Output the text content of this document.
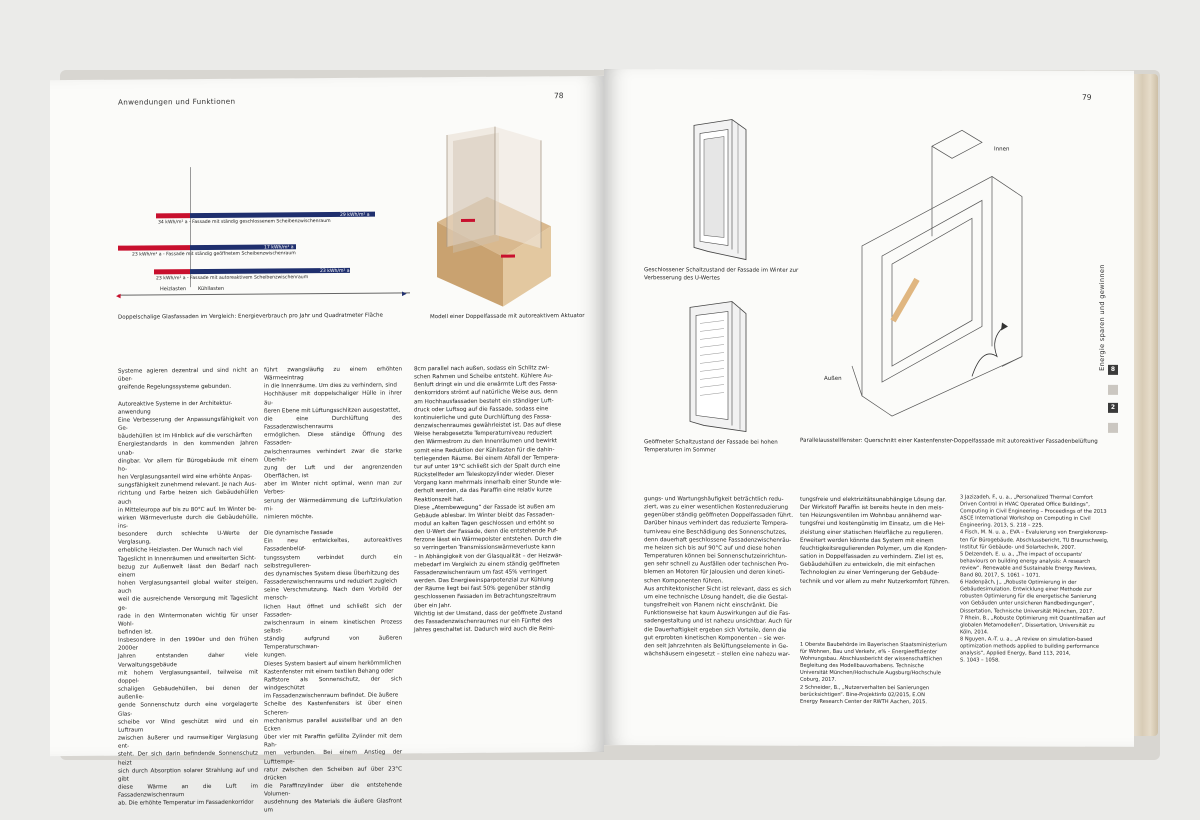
Anwendungen und Funktionen
78
◀	▶
29 kWh/m² a
34 kWh/m² a - Fassade mit ständig geschlossenem Scheibenzwischenraum
17 kWh/m² a
23 kWh/m² a - Fassade mit ständig geöffnetem Scheibenzwischenraum
23 kWh/m² a
23 kWh/m² a - Fassade mit autoreaktivem Scheibenzwischenraum
Heizlasten Kühllasten
Doppelschalige Glasfassaden im Vergleich: Energieverbrauch pro Jahr und Quadratmeter Fläche	Modell einer Doppelfassade mit autoreaktivem Aktuator
Systeme agieren dezentral und sind nicht an über-
greifende Regelungssysteme gebunden.

Autoreaktive Systeme in der Architektur-
anwendung
Eine Verbesserung der Anpassungsfähigkeit von Ge-
bäudehüllen ist im Hinblick auf die verschärften
Energiestandards in den kommenden Jahren unab-
dingbar. Vor allem für Bürogebäude mit einem ho-
hen Verglasungsanteil wird eine erhöhte Anpas-
sungsfähigkeit zunehmend relevant. Je nach Aus-
richtung und Farbe heizen sich Gebäudehüllen auch
in Mitteleuropa auf bis zu 80°C auf. Im Winter be-
wirken Wärmeverluste durch die Gebäudehülle, ins-
besondere durch schlechte U-Werte der Verglasung,
erhebliche Heizlasten. Der Wunsch nach viel
Tageslicht in Innenräumen und erweiterten Sicht-
bezug zur Außenwelt lässt den Bedarf nach einem
hohen Verglasungsanteil global weiter steigen, auch
weil die ausreichende Versorgung mit Tageslicht ge-
rade in den Wintermonaten wichtig für unser Wohl-
befinden ist.
Insbesondere in den 1990er und den frühen 2000er
Jahren entstanden daher viele Verwaltungsgebäude
mit hohem Verglasungsanteil, teilweise mit doppel-
schaligen Gebäudehüllen, bei denen der außenlie-
gende Sonnenschutz durch eine vorgelagerte Glas-
scheibe vor Wind geschützt wird und ein Luftraum
zwischen äußerer und raumseitiger Verglasung ent-
steht. Der sich darin befindende Sonnenschutz heizt
sich durch Absorption solarer Strahlung auf und gibt
diese Wärme an die Luft im Fassadenzwischenraum
ab. Die erhöhte Temperatur im Fassadenkorridor
führt zwangsläufig zu einem erhöhten Wärmeeintrag
in die Innenräume. Um dies zu verhindern, sind
Hochhäuser mit doppelschaliger Hülle in ihrer äu-
ßeren Ebene mit Lüftungsschlitzen ausgestattet,
die eine Durchlüftung des Fassadenzwischenraums
ermöglichen. Diese ständige Öffnung des Fassaden-
zwischenraumes verhindert zwar die starke Überhit-
zung der Luft und der angrenzenden Oberflächen, ist
aber im Winter nicht optimal, wenn man zur Verbes-
serung der Wärmedämmung die Luftzirkulation mi-
nimieren möchte.

Die dynamische Fassade
Ein neu entwickeltes, autoreaktives Fassadenbelüf-
tungssystem verbindet durch ein selbstregulieren-
des dynamisches System diese Überhitzung des
Fassadenzwischenraums und reduziert zugleich
seine Verschmutzung. Nach dem Vorbild der mensch-
lichen Haut öffnet und schließt sich der Fassaden-
zwischenraum in einem kinetischen Prozess selbst-
ständig aufgrund von äußeren Temperaturschwan-
kungen.
Dieses System basiert auf einem herkömmlichen
Kastenfenster mit einem textilen Behang oder
Raffstore als Sonnenschutz, der sich windgeschützt
im Fassadenzwischenraum befindet. Die äußere
Scheibe des Kastenfensters ist über einen Scheren-
mechanismus parallel ausstellbar und an den Ecken
über vier mit Paraffin gefüllte Zylinder mit dem Rah-
men verbunden. Bei einem Anstieg der Lufttempe-
ratur zwischen den Scheiben auf über 23°C drücken
die Paraffinzylinder über die entstehende Volumen-
ausdehnung des Materials die äußere Glasfront um
8cm parallel nach außen, sodass ein Schlitz zwi-
schen Rahmen und Scheibe entsteht. Kühlere Au-
ßenluft dringt ein und die erwärmte Luft des Fassa-
denkorridors strömt auf natürliche Weise aus, denn
am Hochhausfassaden besteht ein ständiger Luft-
druck oder Luftsog auf die Fassade, sodass eine
kontinuierliche und gute Durchlüftung des Fassa-
denzwischenraumes gewährleistet ist. Das auf diese
Weise herabgesetzte Temperaturniveau reduziert
den Wärmestrom zu den Innenräumen und bewirkt
somit eine Reduktion der Kühllasten für die dahin-
terliegenden Räume. Bei einem Abfall der Tempera-
tur auf unter 19°C schließt sich der Spalt durch eine
Rückstellfeder am Teleskopzylinder wieder. Dieser
Vorgang kann mehrmals innerhalb einer Stunde wie-
derholt werden, da das Paraffin eine relativ kurze
Reaktionszeit hat.
Diese „Atembewegung“ der Fassade ist außen am
Gebäude ablesbar. Im Winter bleibt das Fassaden-
modul an kalten Tagen geschlossen und erhöht so
den U-Wert der Fassade, denn die entstehende Puf-
ferzone lässt ein Wärmepolster entstehen. Durch die
so verringerten Transmissionswärmeverluste kann
– in Abhängigkeit von der Glasqualität – der Heizwär-
mebedarf im Vergleich zu einem ständig geöffneten
Fassadenzwischenraum um fast 45% verringert
werden. Das Energieeinsparpotenzial zur Kühlung
der Räume liegt bei fast 50% gegenüber ständig
geschlossenen Fassaden im Betrachtungszeitraum
über ein Jahr.
Wichtig ist der Umstand, dass der geöffnete Zustand
des Fassadenzwischenraumes nur ein Fünftel des
Jahres geschaltet ist. Dadurch wird auch die Reini-
79
Geschlossener Schaltzustand der Fassade im Winter zur
Verbesserung des U-Wertes
Geöffneter Schaltzustand der Fassade bei hohen
Temperaturen im Sommer
Innen
Außen
Parallelausstellfenster: Querschnitt einer Kastenfenster-Doppelfassade mit autoreaktiver Fassadenbelüftung
Energie sparen und gewinnen 8
2
gungs- und Wartungshäufigkeit beträchtlich redu-
ziert, was zu einer wesentlichen Kostenreduzierung
gegenüber ständig geöffneten Doppelfassaden führt.
Darüber hinaus verhindert das reduzierte Tempera-
turniveau eine Beschädigung des Sonnenschutzes,
denn dauerhaft geschlossene Fassadenzwischenräu-
me heizen sich bis auf 90°C auf und diese hohen
Temperaturen können bei Sonnenschutzeinrichtun-
gen sehr schnell zu Ausfällen oder technischen Pro-
blemen an Motoren für Jalousien und deren kineti-
schen Komponenten führen.
Aus architektonischer Sicht ist relevant, dass es sich
um eine technische Lösung handelt, die die Gestal-
tungsfreiheit von Planern nicht einschränkt. Die
Funktionsweise hat kaum Auswirkungen auf die Fas-
sadengestaltung und ist nahezu unsichtbar. Auch für
die Dauerhaftigkeit ergeben sich Vorteile, denn die
gut erprobten kinetischen Komponenten – sie wer-
den seit Jahrzehnten als Belüftungselemente in Ge-
wächshäusern eingesetzt – stellen eine nahezu war-
tungsfreie und elektrizitätsunabhängige Lösung dar.
Der Wirkstoff Paraffin ist bereits heute in den meis-
ten Heizungsventilen im Wohnbau annähernd war-
tungsfrei und kostengünstig im Einsatz, um die Hei-
zleistung einer statischen Heizfläche zu regulieren.
Erweitert werden könnte das System mit einem
feuchtigkeitsregulierenden Polymer, um die Konden-
sation in Doppelfassaden zu verhindern. Ziel ist es,
Gebäudehüllen zu entwickeln, die mit einfachen
Technologien zu einer Verringerung der Gebäude-
technik und vor allem zu mehr Nutzerkomfort führen.
1 Oberste Baubehörde im Bayerischen Staatsministerium
für Wohnen, Bau und Verkehr, e% – Energieeffizienter
Wohnungsbau. Abschlussbericht der wissenschaftlichen
Begleitung des Modellbauvorhabens. Technische
Universität München/Hochschule Augsburg/Hochschule
Coburg, 2017.
2 Schneider, B., „Nutzerverhalten bei Sanierungen
berücksichtigen“. Bine-Projektinfo 02/2015, E.ON
Energy Research Center der RWTH Aachen, 2015.
3 Jazizadeh, F., u. a., „Personalized Thermal Comfort
Driven Control in HVAC Operated Office Buildings“,
Computing in Civil Engineering – Proceedings of the 2013
ASCE International Workshop on Computing in Civil
Engineering. 2013, S. 218 – 225.
4 Fisch, M. N. u. a., EVA – Evaluierung von Energiekonzep-
ten für Bürogebäude. Abschlussbericht, TU Braunschweig,
Institut für Gebäude- und Solartechnik, 2007.
5 Delzendeh, E. u. a., „The impact of occupants'
behaviours on building energy analysis: A research
review“. Renewable and Sustainable Energy Reviews,
Band 80, 2017, S. 1061 – 1071.
6 Hadenpäch, J., „Robuste Optimierung in der
Gebäudesimulation. Entwicklung einer Methode zur
robusten Optimierung für die energetische Sanierung
von Gebäuden unter unsicheren Randbedingungen“,
Dissertation, Technische Universität München, 2017.
7 Rhein, B., „Robuste Optimierung mit Quantilmaßen auf
globalen Metamodellen“, Dissertation, Universität zu
Köln, 2014.
8 Nguyen, A.-T. u. a., „A review on simulation-based
optimization methods applied to building performance
analysis“, Applied Energy, Band 113, 2014,
S. 1043 – 1058.
